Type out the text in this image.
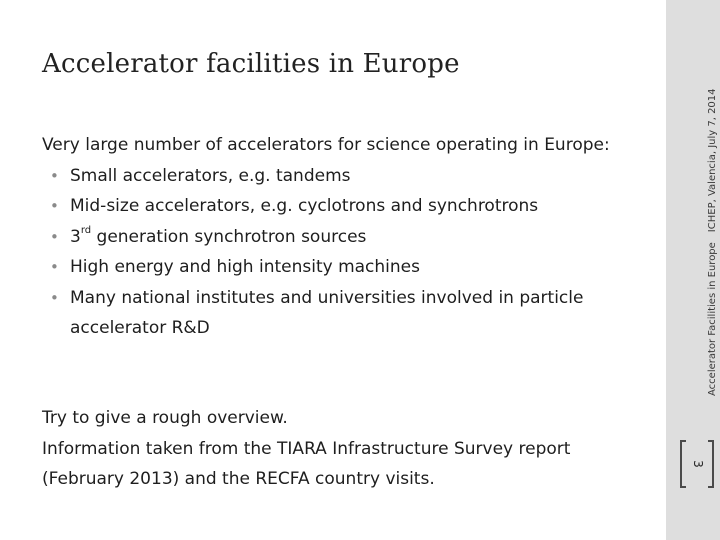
Accelerator facilities in Europe

Very large number of accelerators for science operating in Europe:

• Small accelerators, e.g. tandems
• Mid-size accelerators, e.g. cyclotrons and synchrotrons
• 3rd generation synchrotron sources
• High energy and high intensity machines
• Many national institutes and universities involved in particle accelerator R&D
Try to give a rough overview.
Information taken from the TIARA Infrastructure Survey report (February 2013) and the RECFA country visits.
Accelerator Facilities in EuropeICHEP, Valencia, July 7, 2014
3
